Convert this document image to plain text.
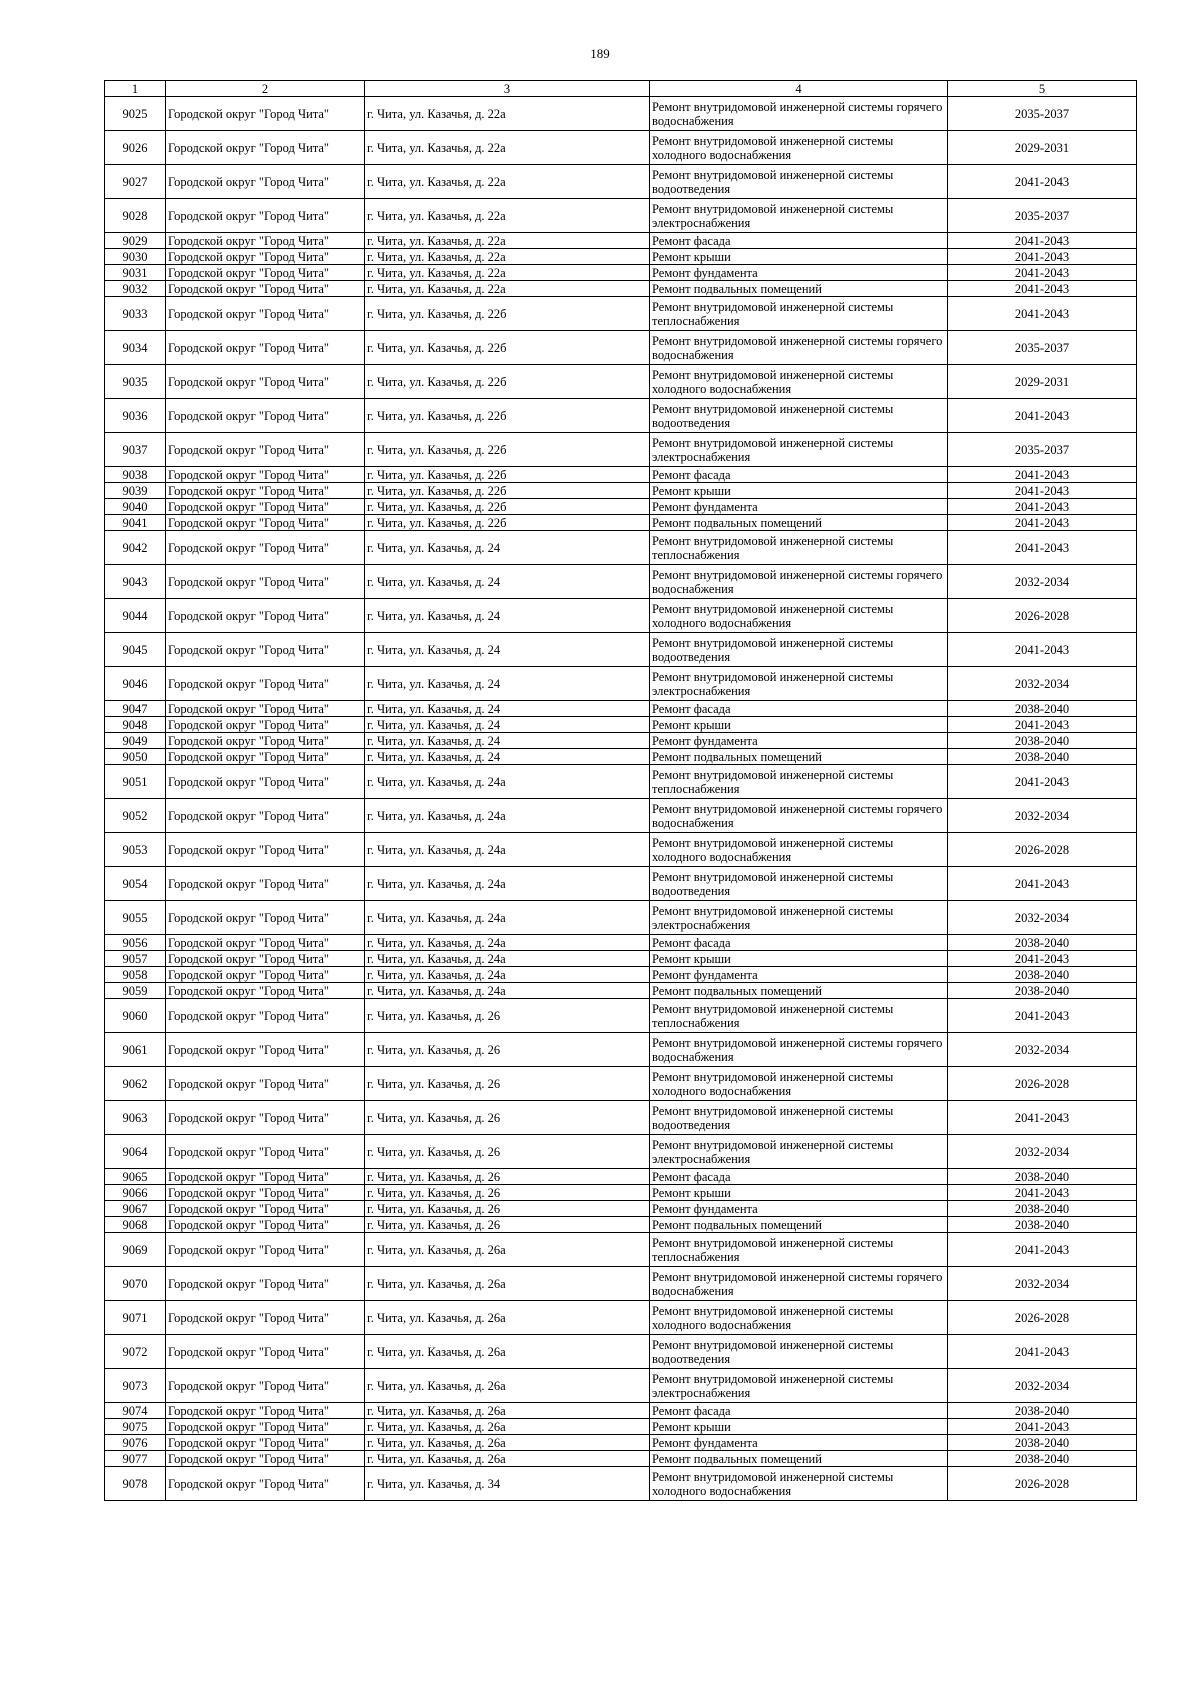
189
1	2	3	4	5
9025	Городской округ "Город Чита"	г. Чита, ул. Казачья, д. 22а	Ремонт внутридомовой инженерной системы горячего водоснабжения	2035-2037
9026	Городской округ "Город Чита"	г. Чита, ул. Казачья, д. 22а	Ремонт внутридомовой инженерной системы холодного водоснабжения	2029-2031
9027	Городской округ "Город Чита"	г. Чита, ул. Казачья, д. 22а	Ремонт внутридомовой инженерной системы водоотведения	2041-2043
9028	Городской округ "Город Чита"	г. Чита, ул. Казачья, д. 22а	Ремонт внутридомовой инженерной системы электроснабжения	2035-2037
9029	Городской округ "Город Чита"	г. Чита, ул. Казачья, д. 22а	Ремонт фасада	2041-2043
9030	Городской округ "Город Чита"	г. Чита, ул. Казачья, д. 22а	Ремонт крыши	2041-2043
9031	Городской округ "Город Чита"	г. Чита, ул. Казачья, д. 22а	Ремонт фундамента	2041-2043
9032	Городской округ "Город Чита"	г. Чита, ул. Казачья, д. 22а	Ремонт подвальных помещений	2041-2043
9033	Городской округ "Город Чита"	г. Чита, ул. Казачья, д. 22б	Ремонт внутридомовой инженерной системы теплоснабжения	2041-2043
9034	Городской округ "Город Чита"	г. Чита, ул. Казачья, д. 22б	Ремонт внутридомовой инженерной системы горячего водоснабжения	2035-2037
9035	Городской округ "Город Чита"	г. Чита, ул. Казачья, д. 22б	Ремонт внутридомовой инженерной системы холодного водоснабжения	2029-2031
9036	Городской округ "Город Чита"	г. Чита, ул. Казачья, д. 22б	Ремонт внутридомовой инженерной системы водоотведения	2041-2043
9037	Городской округ "Город Чита"	г. Чита, ул. Казачья, д. 22б	Ремонт внутридомовой инженерной системы электроснабжения	2035-2037
9038	Городской округ "Город Чита"	г. Чита, ул. Казачья, д. 22б	Ремонт фасада	2041-2043
9039	Городской округ "Город Чита"	г. Чита, ул. Казачья, д. 22б	Ремонт крыши	2041-2043
9040	Городской округ "Город Чита"	г. Чита, ул. Казачья, д. 22б	Ремонт фундамента	2041-2043
9041	Городской округ "Город Чита"	г. Чита, ул. Казачья, д. 22б	Ремонт подвальных помещений	2041-2043
9042	Городской округ "Город Чита"	г. Чита, ул. Казачья, д. 24	Ремонт внутридомовой инженерной системы теплоснабжения	2041-2043
9043	Городской округ "Город Чита"	г. Чита, ул. Казачья, д. 24	Ремонт внутридомовой инженерной системы горячего водоснабжения	2032-2034
9044	Городской округ "Город Чита"	г. Чита, ул. Казачья, д. 24	Ремонт внутридомовой инженерной системы холодного водоснабжения	2026-2028
9045	Городской округ "Город Чита"	г. Чита, ул. Казачья, д. 24	Ремонт внутридомовой инженерной системы водоотведения	2041-2043
9046	Городской округ "Город Чита"	г. Чита, ул. Казачья, д. 24	Ремонт внутридомовой инженерной системы электроснабжения	2032-2034
9047	Городской округ "Город Чита"	г. Чита, ул. Казачья, д. 24	Ремонт фасада	2038-2040
9048	Городской округ "Город Чита"	г. Чита, ул. Казачья, д. 24	Ремонт крыши	2041-2043
9049	Городской округ "Город Чита"	г. Чита, ул. Казачья, д. 24	Ремонт фундамента	2038-2040
9050	Городской округ "Город Чита"	г. Чита, ул. Казачья, д. 24	Ремонт подвальных помещений	2038-2040
9051	Городской округ "Город Чита"	г. Чита, ул. Казачья, д. 24а	Ремонт внутридомовой инженерной системы теплоснабжения	2041-2043
9052	Городской округ "Город Чита"	г. Чита, ул. Казачья, д. 24а	Ремонт внутридомовой инженерной системы горячего водоснабжения	2032-2034
9053	Городской округ "Город Чита"	г. Чита, ул. Казачья, д. 24а	Ремонт внутридомовой инженерной системы холодного водоснабжения	2026-2028
9054	Городской округ "Город Чита"	г. Чита, ул. Казачья, д. 24а	Ремонт внутридомовой инженерной системы водоотведения	2041-2043
9055	Городской округ "Город Чита"	г. Чита, ул. Казачья, д. 24а	Ремонт внутридомовой инженерной системы электроснабжения	2032-2034
9056	Городской округ "Город Чита"	г. Чита, ул. Казачья, д. 24а	Ремонт фасада	2038-2040
9057	Городской округ "Город Чита"	г. Чита, ул. Казачья, д. 24а	Ремонт крыши	2041-2043
9058	Городской округ "Город Чита"	г. Чита, ул. Казачья, д. 24а	Ремонт фундамента	2038-2040
9059	Городской округ "Город Чита"	г. Чита, ул. Казачья, д. 24а	Ремонт подвальных помещений	2038-2040
9060	Городской округ "Город Чита"	г. Чита, ул. Казачья, д. 26	Ремонт внутридомовой инженерной системы теплоснабжения	2041-2043
9061	Городской округ "Город Чита"	г. Чита, ул. Казачья, д. 26	Ремонт внутридомовой инженерной системы горячего водоснабжения	2032-2034
9062	Городской округ "Город Чита"	г. Чита, ул. Казачья, д. 26	Ремонт внутридомовой инженерной системы холодного водоснабжения	2026-2028
9063	Городской округ "Город Чита"	г. Чита, ул. Казачья, д. 26	Ремонт внутридомовой инженерной системы водоотведения	2041-2043
9064	Городской округ "Город Чита"	г. Чита, ул. Казачья, д. 26	Ремонт внутридомовой инженерной системы электроснабжения	2032-2034
9065	Городской округ "Город Чита"	г. Чита, ул. Казачья, д. 26	Ремонт фасада	2038-2040
9066	Городской округ "Город Чита"	г. Чита, ул. Казачья, д. 26	Ремонт крыши	2041-2043
9067	Городской округ "Город Чита"	г. Чита, ул. Казачья, д. 26	Ремонт фундамента	2038-2040
9068	Городской округ "Город Чита"	г. Чита, ул. Казачья, д. 26	Ремонт подвальных помещений	2038-2040
9069	Городской округ "Город Чита"	г. Чита, ул. Казачья, д. 26а	Ремонт внутридомовой инженерной системы теплоснабжения	2041-2043
9070	Городской округ "Город Чита"	г. Чита, ул. Казачья, д. 26а	Ремонт внутридомовой инженерной системы горячего водоснабжения	2032-2034
9071	Городской округ "Город Чита"	г. Чита, ул. Казачья, д. 26а	Ремонт внутридомовой инженерной системы холодного водоснабжения	2026-2028
9072	Городской округ "Город Чита"	г. Чита, ул. Казачья, д. 26а	Ремонт внутридомовой инженерной системы водоотведения	2041-2043
9073	Городской округ "Город Чита"	г. Чита, ул. Казачья, д. 26а	Ремонт внутридомовой инженерной системы электроснабжения	2032-2034
9074	Городской округ "Город Чита"	г. Чита, ул. Казачья, д. 26а	Ремонт фасада	2038-2040
9075	Городской округ "Город Чита"	г. Чита, ул. Казачья, д. 26а	Ремонт крыши	2041-2043
9076	Городской округ "Город Чита"	г. Чита, ул. Казачья, д. 26а	Ремонт фундамента	2038-2040
9077	Городской округ "Город Чита"	г. Чита, ул. Казачья, д. 26а	Ремонт подвальных помещений	2038-2040
9078	Городской округ "Город Чита"	г. Чита, ул. Казачья, д. 34	Ремонт внутридомовой инженерной системы холодного водоснабжения	2026-2028
